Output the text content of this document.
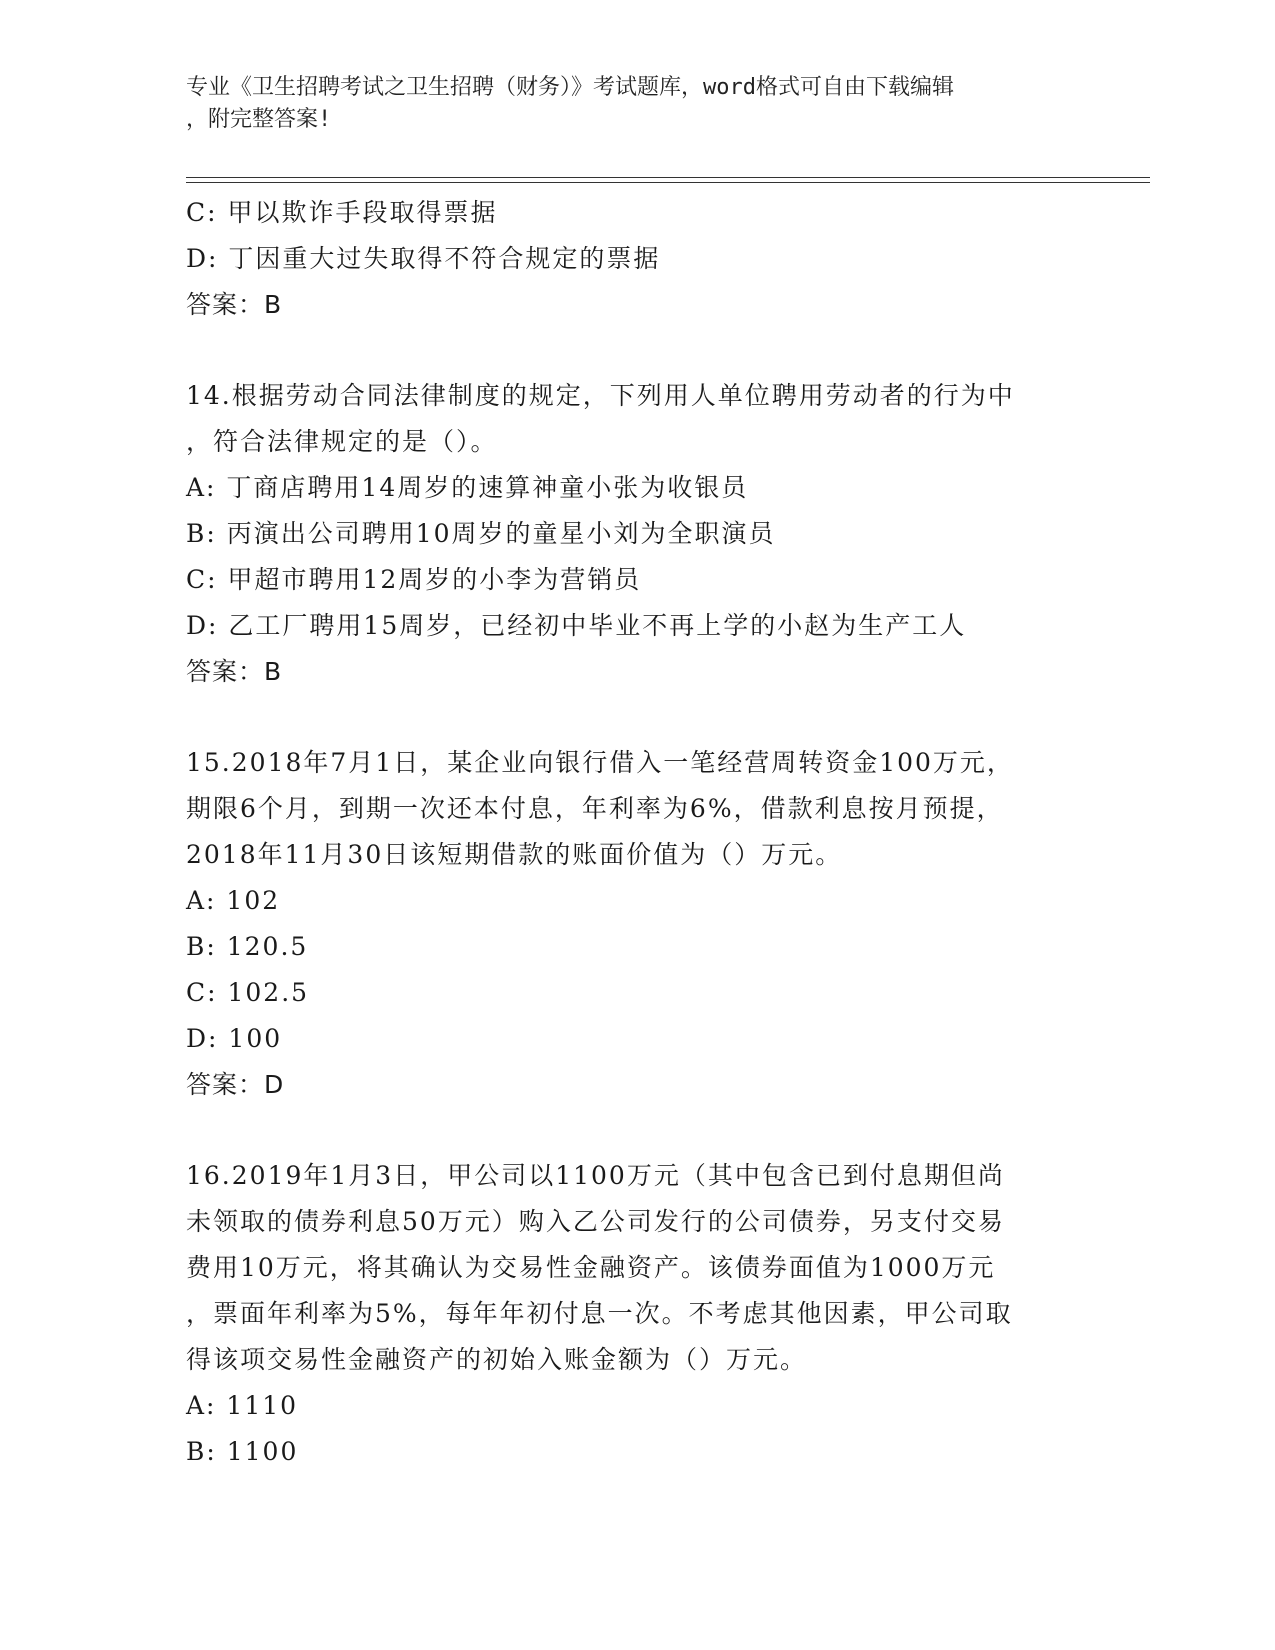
专业《卫生招聘考试之卫生招聘（财务）》考试题库，word格式可自由下载编辑
，附完整答案!
C: 甲以欺诈手段取得票据
D: 丁因重大过失取得不符合规定的票据
答案：B
14.根据劳动合同法律制度的规定，下列用人单位聘用劳动者的行为中
，符合法律规定的是（）。
A: 丁商店聘用14周岁的速算神童小张为收银员
B: 丙演出公司聘用10周岁的童星小刘为全职演员
C: 甲超市聘用12周岁的小李为营销员
D: 乙工厂聘用15周岁，已经初中毕业不再上学的小赵为生产工人
答案：B
15.2018年7月1日，某企业向银行借入一笔经营周转资金100万元，
期限6个月，到期一次还本付息，年利率为6%，借款利息按月预提，
2018年11月30日该短期借款的账面价值为（）万元。
A: 102
B: 120.5
C: 102.5
D: 100
答案：D
16.2019年1月3日，甲公司以1100万元（其中包含已到付息期但尚
未领取的债券利息50万元）购入乙公司发行的公司债券，另支付交易
费用10万元，将其确认为交易性金融资产。该债券面值为1000万元
，票面年利率为5%，每年年初付息一次。不考虑其他因素，甲公司取
得该项交易性金融资产的初始入账金额为（）万元。
A: 1110
B: 1100
